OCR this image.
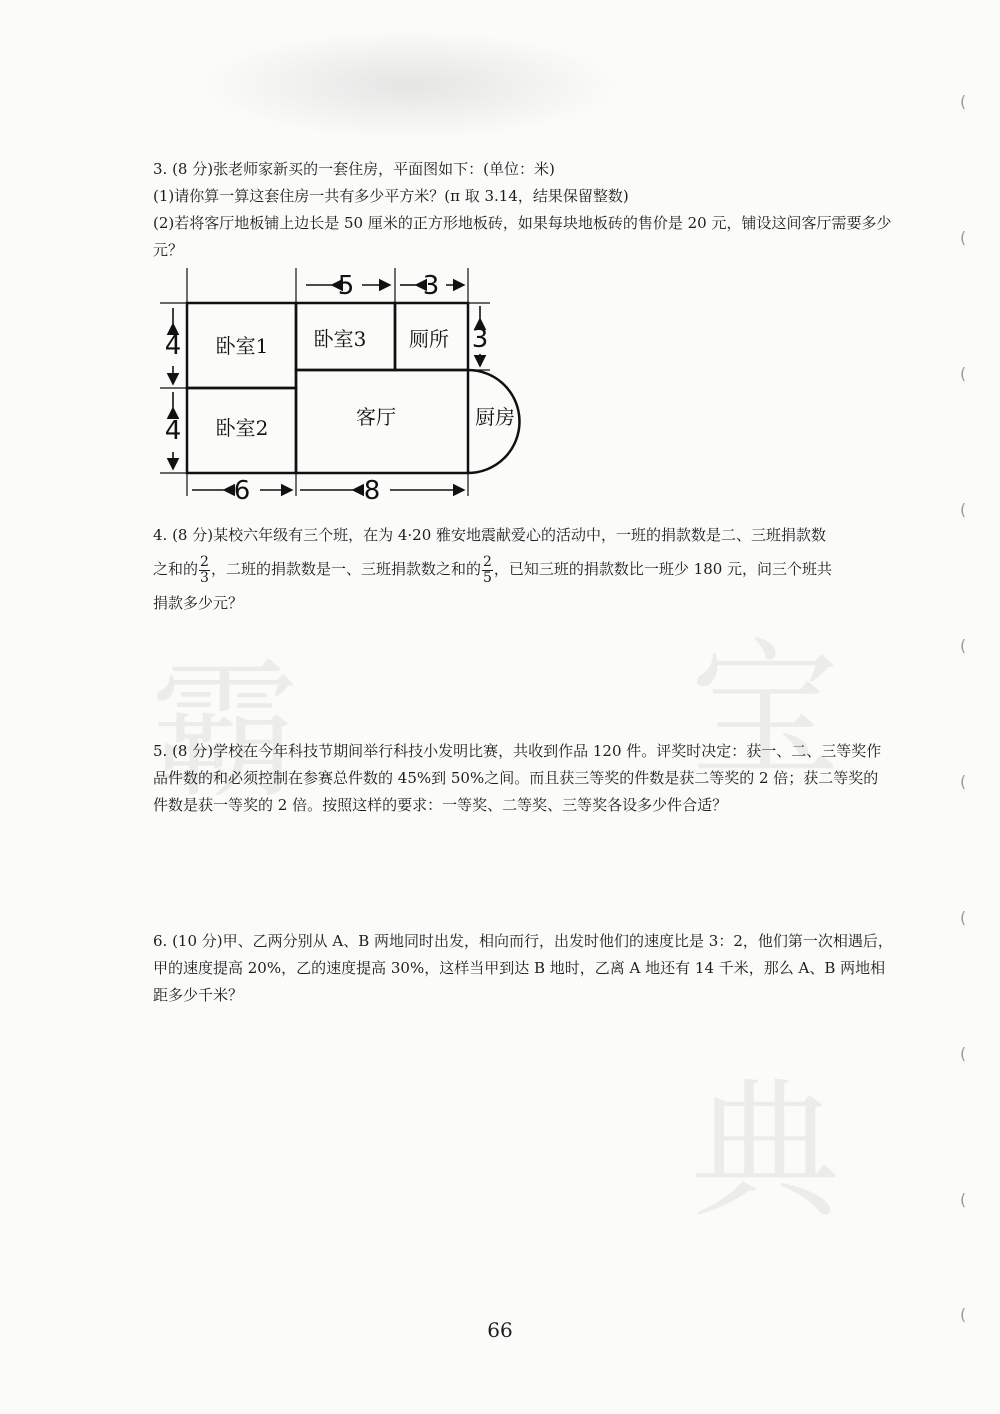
霸	宝
典
(
(
(
(
(
(
(
(
(
(

3. (8 分)张老师家新买的一套住房，平面图如下：(单位：米)

(1)请你算一算这套住房一共有多少平方米？(π 取 3.14，结果保留整数)

(2)若将客厅地板铺上边长是 50 厘米的正方形地板砖，如果每块地板砖的售价是 20 元，铺设这间客厅需要多少元？

卧室1
卧室2
卧室3 厕所
客厅	厨房
5	3
4
4
3
6	8

4. (8 分)某校六年级有三个班，在为 4·20 雅安地震献爱心的活动中，一班的捐款数是二、三班捐款数

之和的 $\frac{2}{3}$ ，二班的捐款数是一、三班捐款数之和的 $\frac{2}{5}$ ，已知三班的捐款数比一班少 180 元，问三个班共

捐款多少元？

5. (8 分)学校在今年科技节期间举行科技小发明比赛，共收到作品 120 件。评奖时决定：获一、二、三等奖作品件数的和必须控制在参赛总件数的 45%到 50%之间。而且获三等奖的件数是获二等奖的 2 倍；获二等奖的件数是获一等奖的 2 倍。按照这样的要求：一等奖、二等奖、三等奖各设多少件合适？

6. (10 分)甲、乙两分别从 A、B 两地同时出发，相向而行，出发时他们的速度比是 3：2，他们第一次相遇后，甲的速度提高 20%，乙的速度提高 30%，这样当甲到达 B 地时，乙离 A 地还有 14 千米，那么 A、B 两地相距多少千米？

66
